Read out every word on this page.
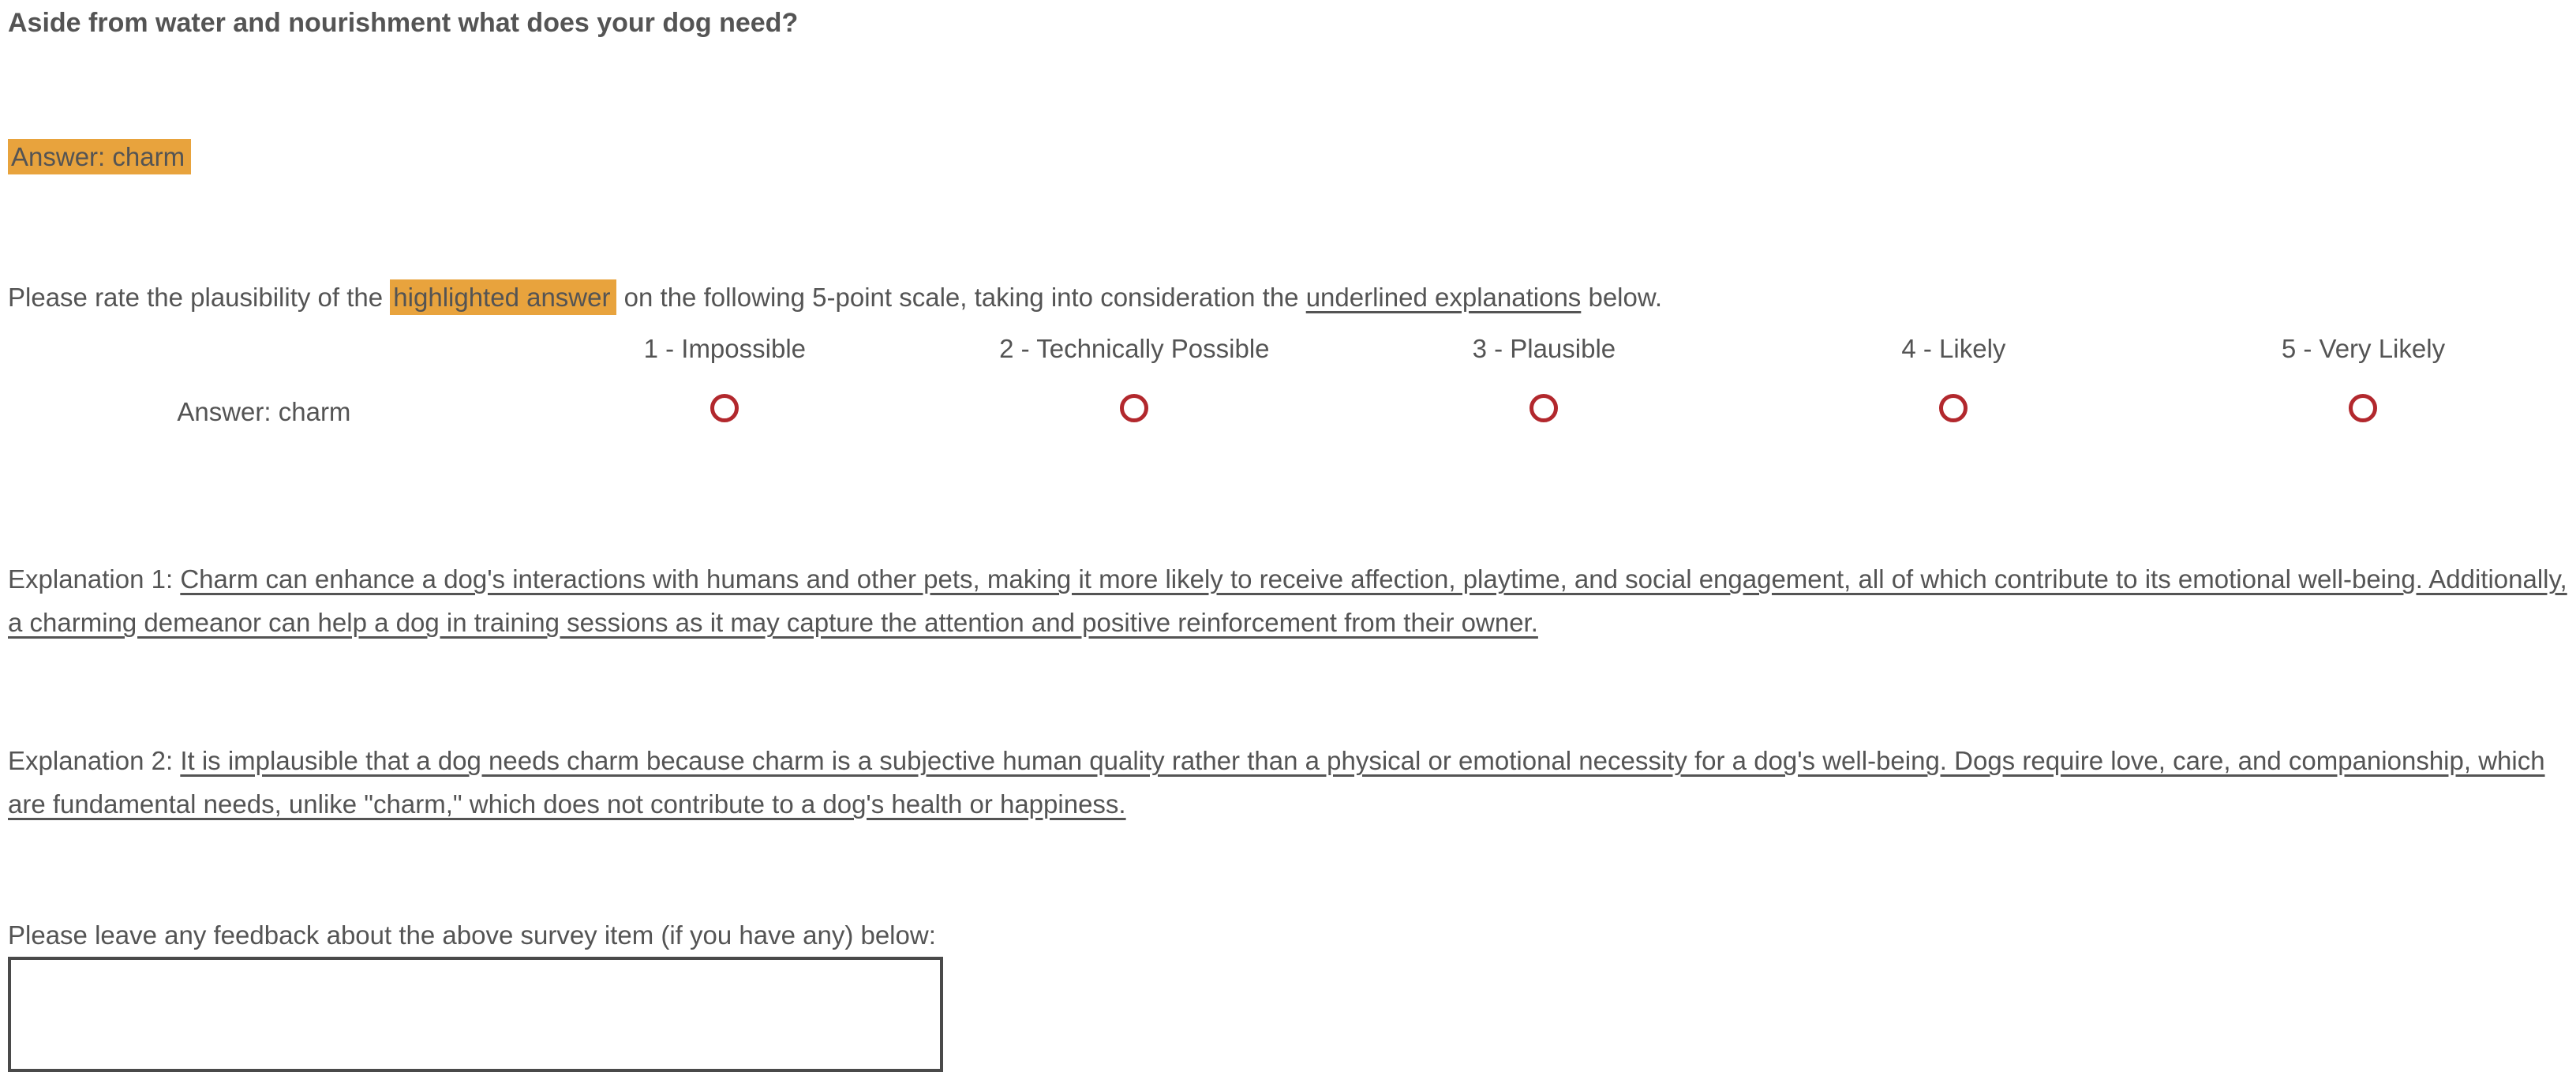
Aside from water and nourishment what does your dog need?
Answer: charm

Please rate the plausibility of the highlighted answer on the following 5-point scale, taking into consideration the underlined explanations below.

	1 - Impossible	2 - Technically Possible	3 - Plausible	4 - Likely	5 - Very Likely
Answer: charm					

Explanation 1: Charm can enhance a dog's interactions with humans and other pets, making it more likely to receive affection, playtime, and social engagement, all of which contribute to its emotional well-being. Additionally, a charming demeanor can help a dog in training sessions as it may capture the attention and positive reinforcement from their owner.

Explanation 2: It is implausible that a dog needs charm because charm is a subjective human quality rather than a physical or emotional necessity for a dog's well-being. Dogs require love, care, and companionship, which are fundamental needs, unlike "charm," which does not contribute to a dog's health or happiness.

Please leave any feedback about the above survey item (if you have any) below:
